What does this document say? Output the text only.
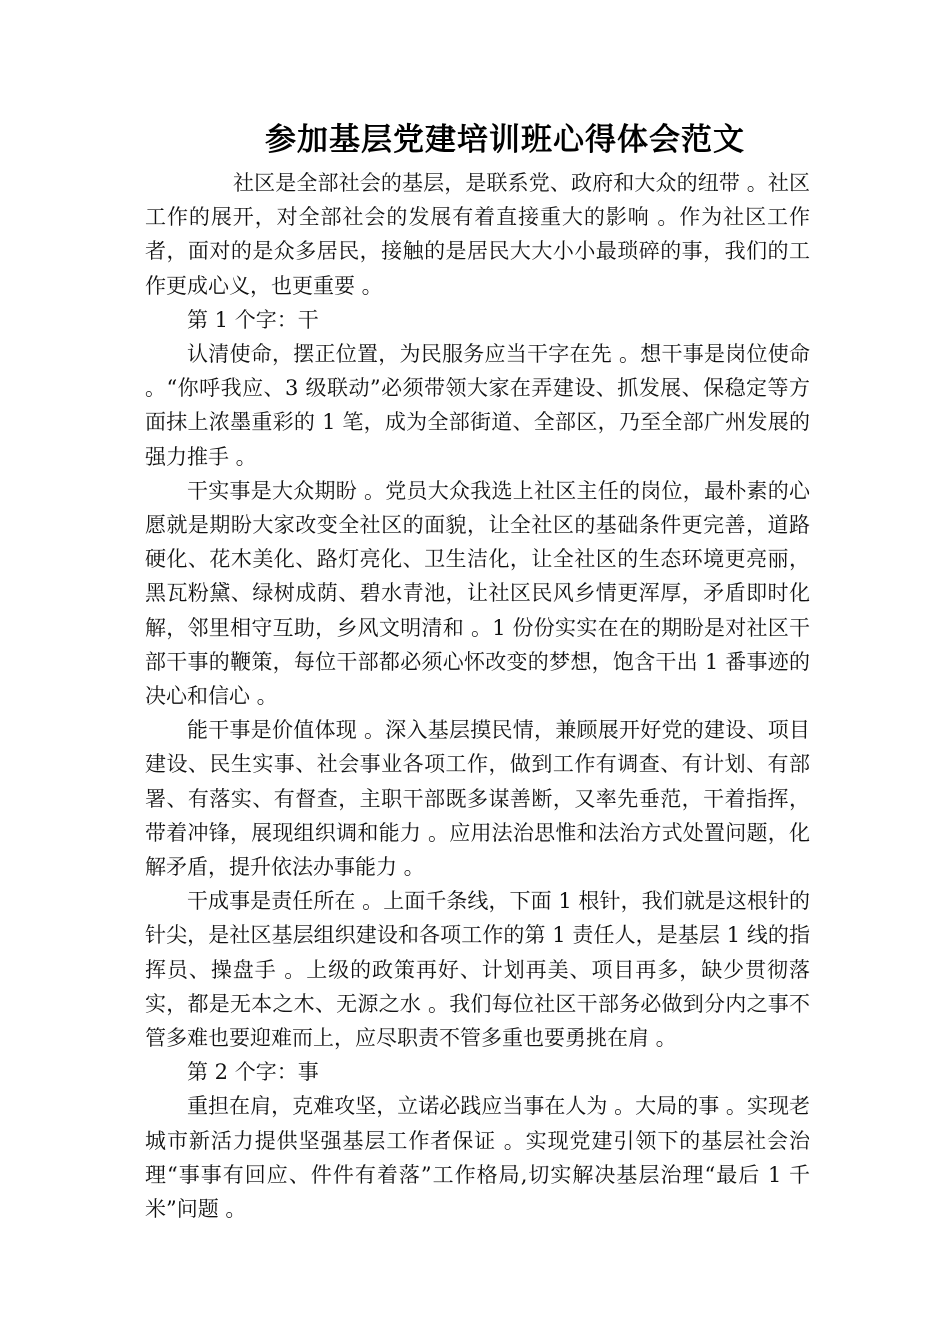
参加基层党建培训班心得体会范文

社区是全部社会的基层，是联系党、政府和大众的纽带 。社区工作的展开，对全部社会的发展有着直接重大的影响 。作为社区工作者，面对的是众多居民，接触的是居民大大小小最琐碎的事，我们的工作更成心义，也更重要 。

第 1 个字：干

认清使命，摆正位置，为民服务应当干字在先 。想干事是岗位使命 。“你呼我应、3 级联动”必须带领大家在弄建设、抓发展、保稳定等方面抹上浓墨重彩的 1 笔，成为全部街道、全部区，乃至全部广州发展的强力推手 。

干实事是大众期盼 。党员大众我选上社区主任的岗位，最朴素的心愿就是期盼大家改变全社区的面貌，让全社区的基础条件更完善，道路硬化、花木美化、路灯亮化、卫生洁化，让全社区的生态环境更亮丽，黑瓦粉黛、绿树成荫、碧水青池，让社区民风乡情更浑厚，矛盾即时化解，邻里相守互助，乡风文明清和 。1 份份实实在在的期盼是对社区干部干事的鞭策，每位干部都必须心怀改变的梦想，饱含干出 1 番事迹的决心和信心 。

能干事是价值体现 。深入基层摸民情，兼顾展开好党的建设、项目建设、民生实事、社会事业各项工作，做到工作有调查、有计划、有部署、有落实、有督查，主职干部既多谋善断，又率先垂范，干着指挥，带着冲锋，展现组织调和能力 。应用法治思惟和法治方式处置问题，化解矛盾，提升依法办事能力 。

干成事是责任所在 。上面千条线，下面 1 根针，我们就是这根针的针尖，是社区基层组织建设和各项工作的第 1 责任人，是基层 1 线的指挥员、操盘手 。上级的政策再好、计划再美、项目再多，缺少贯彻落实，都是无本之木、无源之水 。我们每位社区干部务必做到分内之事不管多难也要迎难而上，应尽职责不管多重也要勇挑在肩 。

第 2 个字：事

重担在肩，克难攻坚，立诺必践应当事在人为 。大局的事 。实现老城市新活力提供坚强基层工作者保证 。实现党建引领下的基层社会治理“事事有回应、件件有着落”工作格局,切实解决基层治理“最后 1 千米”问题 。
